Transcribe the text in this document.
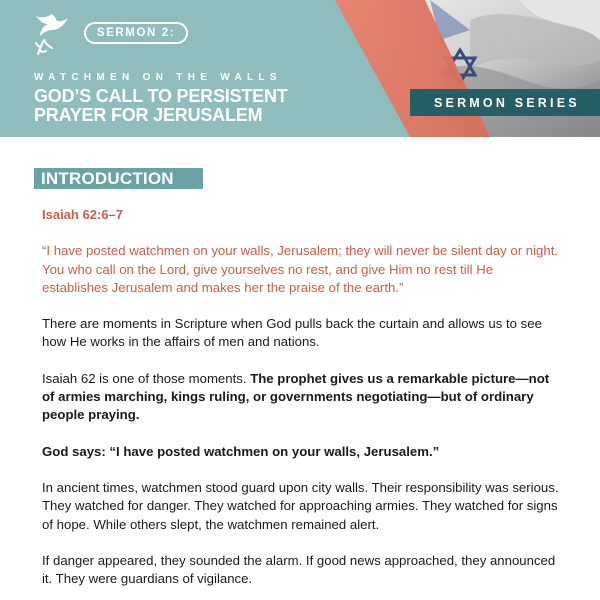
SERMON 2:
WATCHMEN ON THE WALLS
GOD’S CALL TO PERSISTENT
PRAYER FOR JERUSALEM
SERMON SERIES
INTRODUCTION

Isaiah 62:6–7

“I have posted watchmen on your walls, Jerusalem; they will never be silent day or night. You who call on the Lord, give yourselves no rest, and give Him no rest till He establishes Jerusalem and makes her the praise of the earth.”

There are moments in Scripture when God pulls back the curtain and allows us to see how He works in the affairs of men and nations.

Isaiah 62 is one of those moments. The prophet gives us a remarkable picture—not of armies marching, kings ruling, or governments negotiating—but of ordinary people praying.

God says: “I have posted watchmen on your walls, Jerusalem.”

In ancient times, watchmen stood guard upon city walls. Their responsibility was serious. They watched for danger. They watched for approaching armies. They watched for signs of hope. While others slept, the watchmen remained alert.

If danger appeared, they sounded the alarm. If good news approached, they announced it. They were guardians of vigilance.
